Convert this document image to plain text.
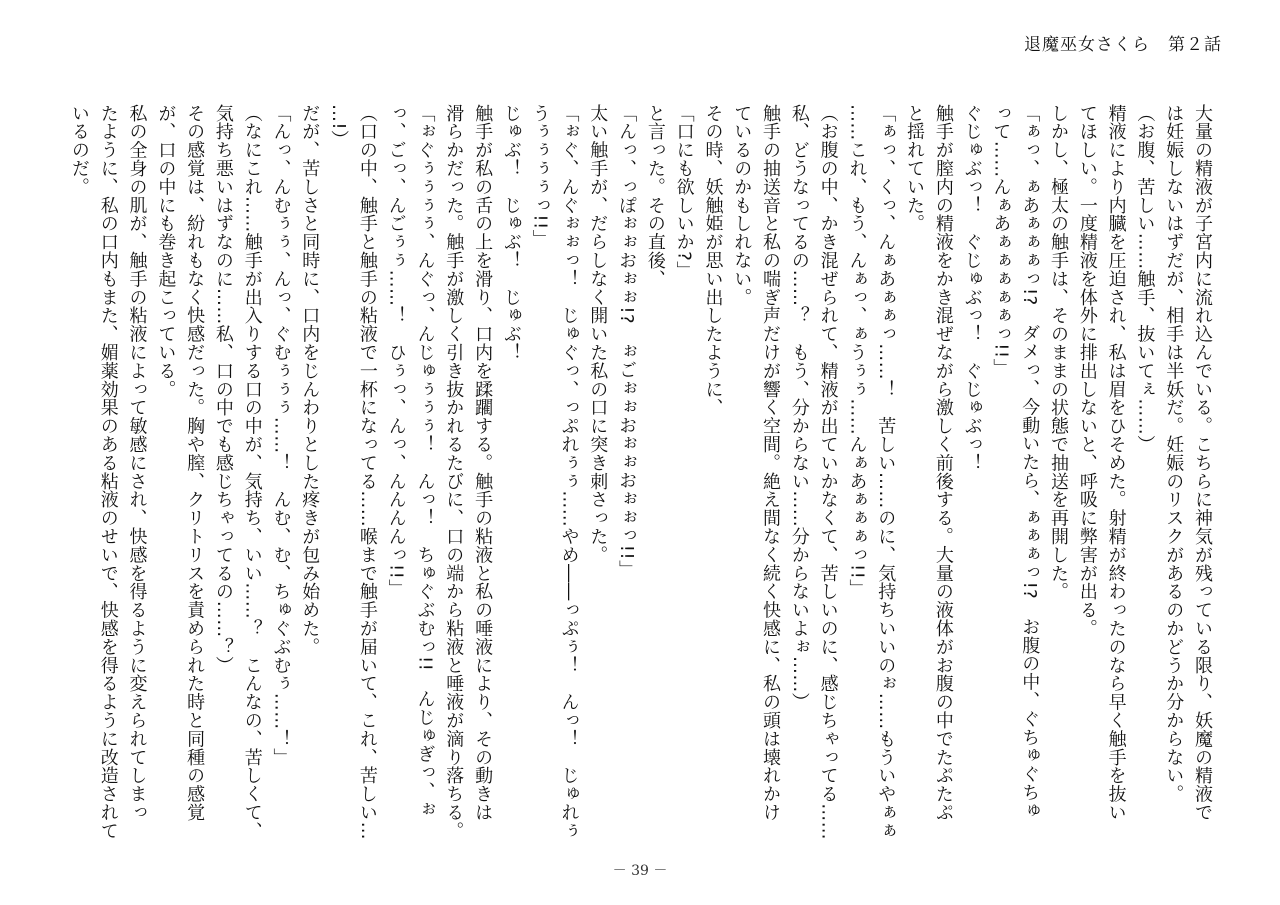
退魔巫女さくら　第２話
大量の精液が子宮内に流れ込んでいる。こちらに神気が残っている限り、妖魔の精液で
は妊娠しないはずだが、相手は半妖だ。妊娠のリスクがあるのかどうか分からない。
（お腹、苦しい……触手、抜いてぇ……）
精液により内臓を圧迫され、私は眉をひそめた。射精が終わったのなら早く触手を抜い
てほしい。一度精液を体外に排出しないと、呼吸に弊害が出る。
しかし、極太の触手は、そのままの状態で抽送を再開した。
「ぁっ、ぁあぁぁぁっ!?　ダメっ、今動いたら、ぁぁぁっ!?　お腹の中、ぐちゅぐちゅ
って……んぁあぁぁぁぁぁっ!!」
ぐじゅぶっ！　ぐじゅぶっ！　ぐじゅぶっ！
触手が膣内の精液をかき混ぜながら激しく前後する。大量の液体がお腹の中でたぷたぷ
と揺れていた。
「ぁっ、くっ、んぁあぁぁっ……！　苦しい……のに、気持ちいいのぉ……もういやぁぁ
……これ、もう、んぁっ、ぁうぅぅ……んぁあぁぁぁっ!!」
（お腹の中、かき混ぜられて、精液が出ていかなくて、苦しいのに、感じちゃってる……
私、どうなってるの……？　もう、分からない……分からないよぉ……）
触手の抽送音と私の喘ぎ声だけが響く空間。絶え間なく続く快感に、私の頭は壊れかけ
ているのかもしれない。
その時、妖触姫が思い出したように、
「口にも欲しいか?」
と言った。その直後、
「んっ、っぽぉぉおぉぉ!?　ぉごぉぉおぉぉおぉぉっ!!」
太い触手が、だらしなく開いた私の口に突き刺さった。
「ぉぐ、んぐぉぉっ！　じゅぐっ、っぷれぅぅ……やめ――っぷぅ！　んっ！　じゅれぅ
うぅぅぅぅっ!!」
じゅぶ！　じゅぶ！　じゅぶ！
触手が私の舌の上を滑り、口内を蹂躙する。触手の粘液と私の唾液により、その動きは
滑らかだった。触手が激しく引き抜かれるたびに、口の端から粘液と唾液が滴り落ちる。
「ぉぐぅぅぅぅ、んぐっ、んじゅぅぅぅ！　んっ！　ちゅぐぶむっ!!　んじゅぎっ、ぉ
っ、ごっ、んごぅぅ……！　ひぅっ、んっ、んんんんっ!!」
（口の中、触手と触手の粘液で一杯になってる……喉まで触手が届いて、これ、苦しい…
…!）
だが、苦しさと同時に、口内をじんわりとした疼きが包み始めた。
「んっ、んむぅぅ、んっ、ぐむぅぅぅ……！　んむ、む、ちゅぐぶむぅ……！」
（なにこれ……触手が出入りする口の中が、気持ち、いい……？　こんなの、苦しくて、
気持ち悪いはずなのに……私、口の中でも感じちゃってるの……？）
その感覚は、紛れもなく快感だった。胸や膣、クリトリスを責められた時と同種の感覚
が、口の中にも巻き起こっている。
私の全身の肌が、触手の粘液によって敏感にされ、快感を得るように変えられてしまっ
たように、私の口内もまた、媚薬効果のある粘液のせいで、快感を得るように改造されて
いるのだ。
－ 39 －
